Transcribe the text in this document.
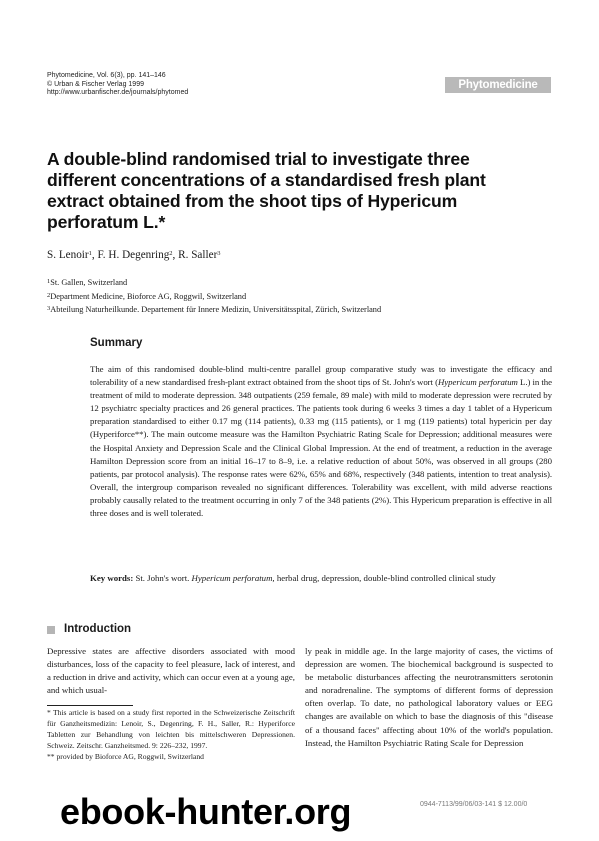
Phytomedicine, Vol. 6(3), pp. 141–146
© Urban & Fischer Verlag 1999
http://www.urbanfischer.de/journals/phytomed
Phytomedicine
A double-blind randomised trial to investigate three different concentrations of a standardised fresh plant extract obtained from the shoot tips of Hypericum perforatum L.*
S. Lenoir$^1$, F. H. Degenring$^2$, R. Saller$^3$
$^1$St. Gallen, Switzerland
$^2$Department Medicine, Bioforce AG, Roggwil, Switzerland
$^3$Abteilung Naturheilkunde. Departement für Innere Medizin, Universitätsspital, Zürich, Switzerland
Summary

The aim of this randomised double-blind multi-centre parallel group comparative study was to investigate the efficacy and tolerability of a new standardised fresh-plant extract obtained from the shoot tips of St. John's wort (Hypericum perforatum L.) in the treatment of mild to moderate depression. 348 outpatients (259 female, 89 male) with mild to moderate depression were recruted by 12 psychiatrc specialty practices and 26 general practices. The patients took during 6 weeks 3 times a day 1 tablet of a Hypericum preparation standardised to either 0.17 mg (114 patients), 0.33 mg (115 patients), or 1 mg (119 patients) total hypericin per day (Hyperiforce**). The main outcome measure was the Hamilton Psychiatric Rating Scale for Depression; additional measures were the Hospital Anxiety and Depression Scale and the Clinical Global Impression. At the end of treatment, a reduction in the average Hamilton Depression score from an initial 16–17 to 8–9, i.e. a relative reduction of about 50%, was observed in all groups (280 patients, par protocol analysis). The response rates were 62%, 65% and 68%, respectively (348 patients, intention to treat analysis). Overall, the intergroup comparison revealed no significant differences. Tolerability was excellent, with mild adverse reactions probably causally related to the treatment occurring in only 7 of the 348 patients (2%). This Hypericum preparation is effective in all three doses and is well tolerated.

Key words: St. John's wort. Hypericum perforatum, herbal drug, depression, double-blind controlled clinical study

Introduction

Depressive states are affective disorders associated with mood disturbances, loss of the capacity to feel pleasure, lack of interest, and a reduction in drive and activity, which can occur even at a young age, and which usual-

ly peak in middle age. In the large majority of cases, the victims of depression are women. The biochemical background is suspected to be metabolic disturbances affecting the neurotransmitters serotonin and noradrenaline. The symptoms of different forms of depression often overlap. To date, no pathological laboratory values or EEG changes are available on which to base the diagnosis of this "disease of a thousand faces" affecting about 10% of the world's population. Instead, the Hamilton Psychiatric Rating Scale for Depression

* This article is based on a study first reported in the Schweizerische Zeitschrift für Ganzheitsmedizin: Lenoir, S., Degenring, F. H., Saller, R.: Hyperiforce Tabletten zur Behandlung von leichten bis mittelschweren Depressionen. Schweiz. Zeitschr. Ganzheitsmed. 9: 226–232, 1997.

** provided by Bioforce AG, Roggwil, Switzerland

0944-7113/99/06/03-141 $ 12.00/0
ebook-hunter.org
